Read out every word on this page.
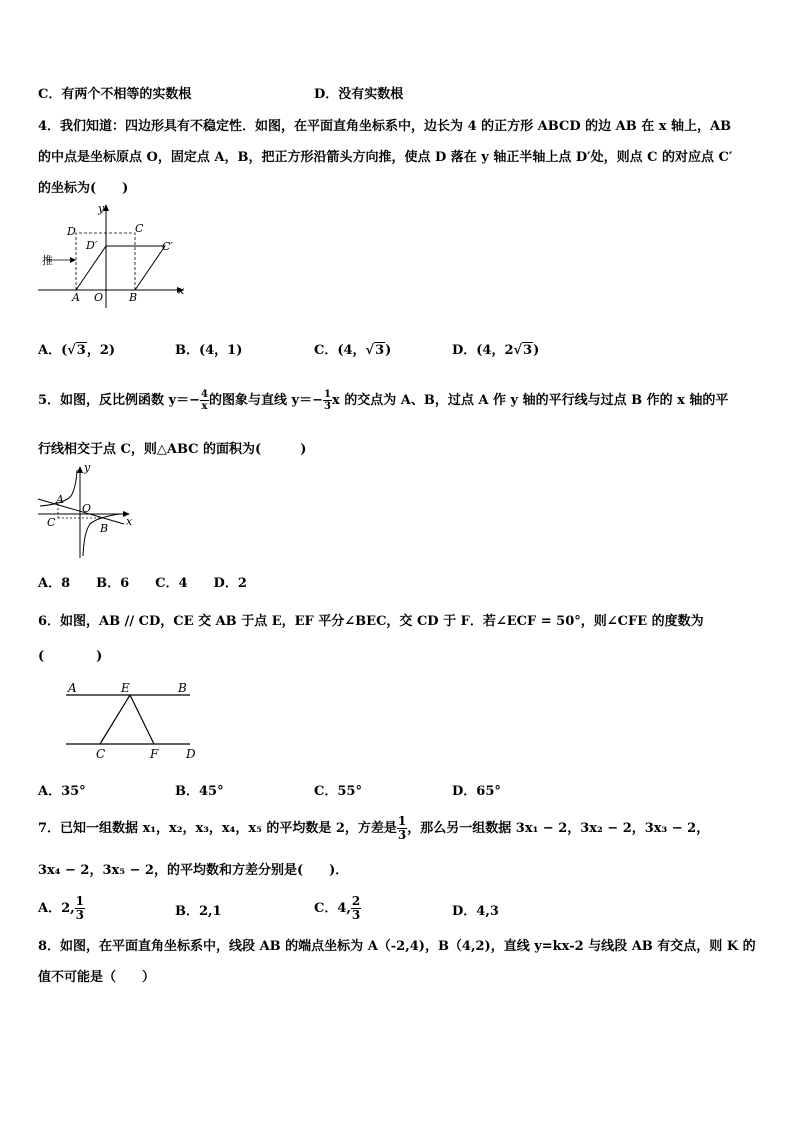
C．有两个不相等的实数根	D．没有实数根
4．我们知道：四边形具有不稳定性．如图，在平面直角坐标系中，边长为 4 的正方形 ABCD 的边 AB 在 x 轴上，AB
的中点是坐标原点 O，固定点 A，B，把正方形沿箭头方向推，使点 D 落在 y 轴正半轴上点 D′处，则点 C 的对应点 C′
的坐标为(　　)
y
x
D	C
D′	C′
A O B
推
A．(√3，2)	B．(4，1)	C．(4，√3)	D．(4，2√3)
5．如图，反比例函数 $y=- \frac{4}{x}$ 的图象与直线 $y=- \frac{1}{3}$ x 的交点为 A、B，过点 A 作 y 轴的平行线与过点 B 作的 x 轴的平
行线相交于点 C，则△ABC 的面积为(　　　)
A
O
C	B
y
x
A．8　　B．6　　C．4　　D．2
6．如图，AB // CD，CE 交 AB 于点 E，EF 平分∠BEC，交 CD 于 F．若∠ECF = 50°，则∠CFE 的度数为
(　　　　)
A	E	B
C	F D
A．35°	B．45°	C．55°	D．65°
7．已知一组数据 x₁，x₂，x₃，x₄，x₅ 的平均数是 2，方差是 $\frac{1}{3}$ ，那么另一组数据 3x₁ − 2，3x₂ − 2，3x₃ − 2，
3x₄ − 2，3x₅ − 2，的平均数和方差分别是(　　)．
A．2, $\frac{1}{3}$	B．2,1	C．4, $\frac{2}{3}$	D．4,3
8．如图，在平面直角坐标系中，线段 AB 的端点坐标为 A（-2,4)，B（4,2)，直线 y=kx-2 与线段 AB 有交点，则 K 的
值不可能是（　　）
